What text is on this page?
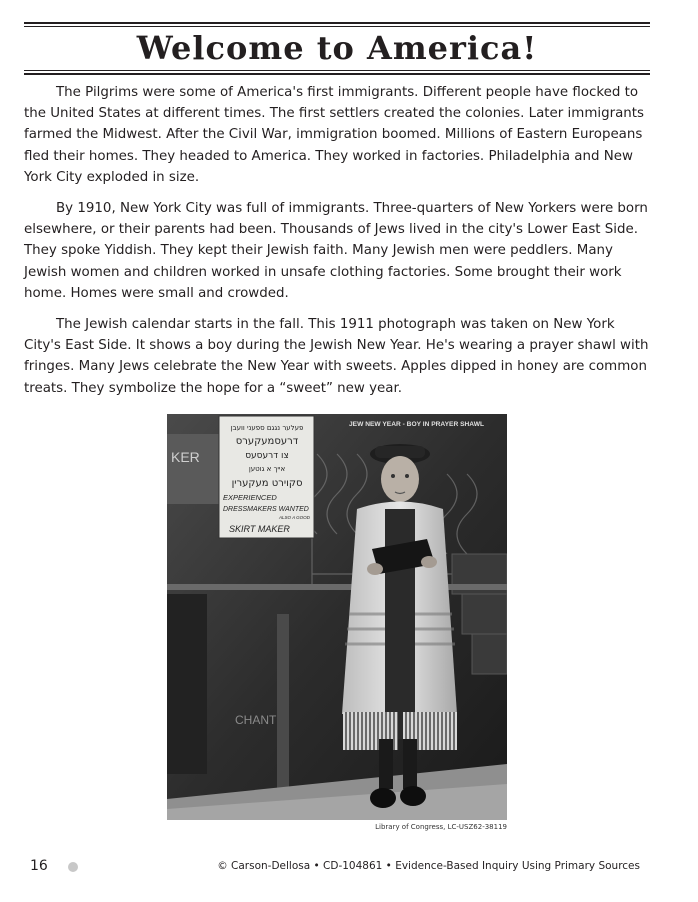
Welcome to America!

The Pilgrims were some of America's first immigrants. Different people have flocked to the United States at different times. The first settlers created the colonies. Later immigrants farmed the Midwest. After the Civil War, immigration boomed. Millions of Eastern Europeans fled their homes. They headed to America. They worked in factories. Philadelphia and New York City exploded in size.

By 1910, New York City was full of immigrants. Three-quarters of New Yorkers were born elsewhere, or their parents had been. Thousands of Jews lived in the city's Lower East Side. They spoke Yiddish. They kept their Jewish faith. Many Jewish men were peddlers. Many Jewish women and children worked in unsafe clothing factories. Some brought their work home. Homes were small and crowded.

The Jewish calendar starts in the fall. This 1911 photograph was taken on New York City's East Side. It shows a boy during the Jewish New Year. He's wearing a prayer shawl with fringes. Many Jews celebrate the New Year with sweets. Apples dipped in honey are common treats. They symbolize the hope for a “sweet” new year.

KER
CHANT
פעלער נגגם ספעני וועבן
דרעסמעקערס
צו דרעסעס
אייך א גוטען
סקוירט מעקערין
EXPERIENCED
DRESSMAKERS WANTED
ALSO A GOOD
SKIRT MAKER
JEW NEW YEAR - BOY IN PRAYER SHAWL
Library of Congress, LC-USZ62-38119
16	© Carson-Dellosa • CD-104861 • Evidence-Based Inquiry Using Primary Sources
